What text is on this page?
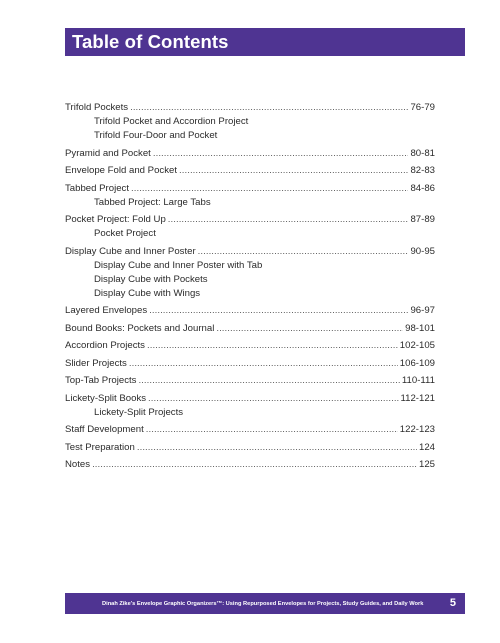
Table of Contents
Trifold Pockets . . .	76-79
Trifold Pocket and Accordion Project
Trifold Four-Door and Pocket
Pyramid and Pocket . . .	80-81
Envelope Fold and Pocket . . .	82-83
Tabbed Project . . .	84-86
Tabbed Project: Large Tabs
Pocket Project: Fold Up . . .	87-89
Pocket Project
Display Cube and Inner Poster . . .	90-95
Display Cube and Inner Poster with Tab
Display Cube with Pockets
Display Cube with Wings
Layered Envelopes . . .	96-97
Bound Books: Pockets and Journal . . .	98-101
Accordion Projects . . .	102-105
Slider Projects . . .	106-109
Top-Tab Projects . . .	110-111
Lickety-Split Books . . .	112-121
Lickety-Split Projects
Staff Development . . .	122-123
Test Preparation . . .	124
Notes . . .	125
Dinah Zike's Envelope Graphic Organizers™: Using Repurposed Envelopes for Projects, Study Guides, and Daily Work 5
